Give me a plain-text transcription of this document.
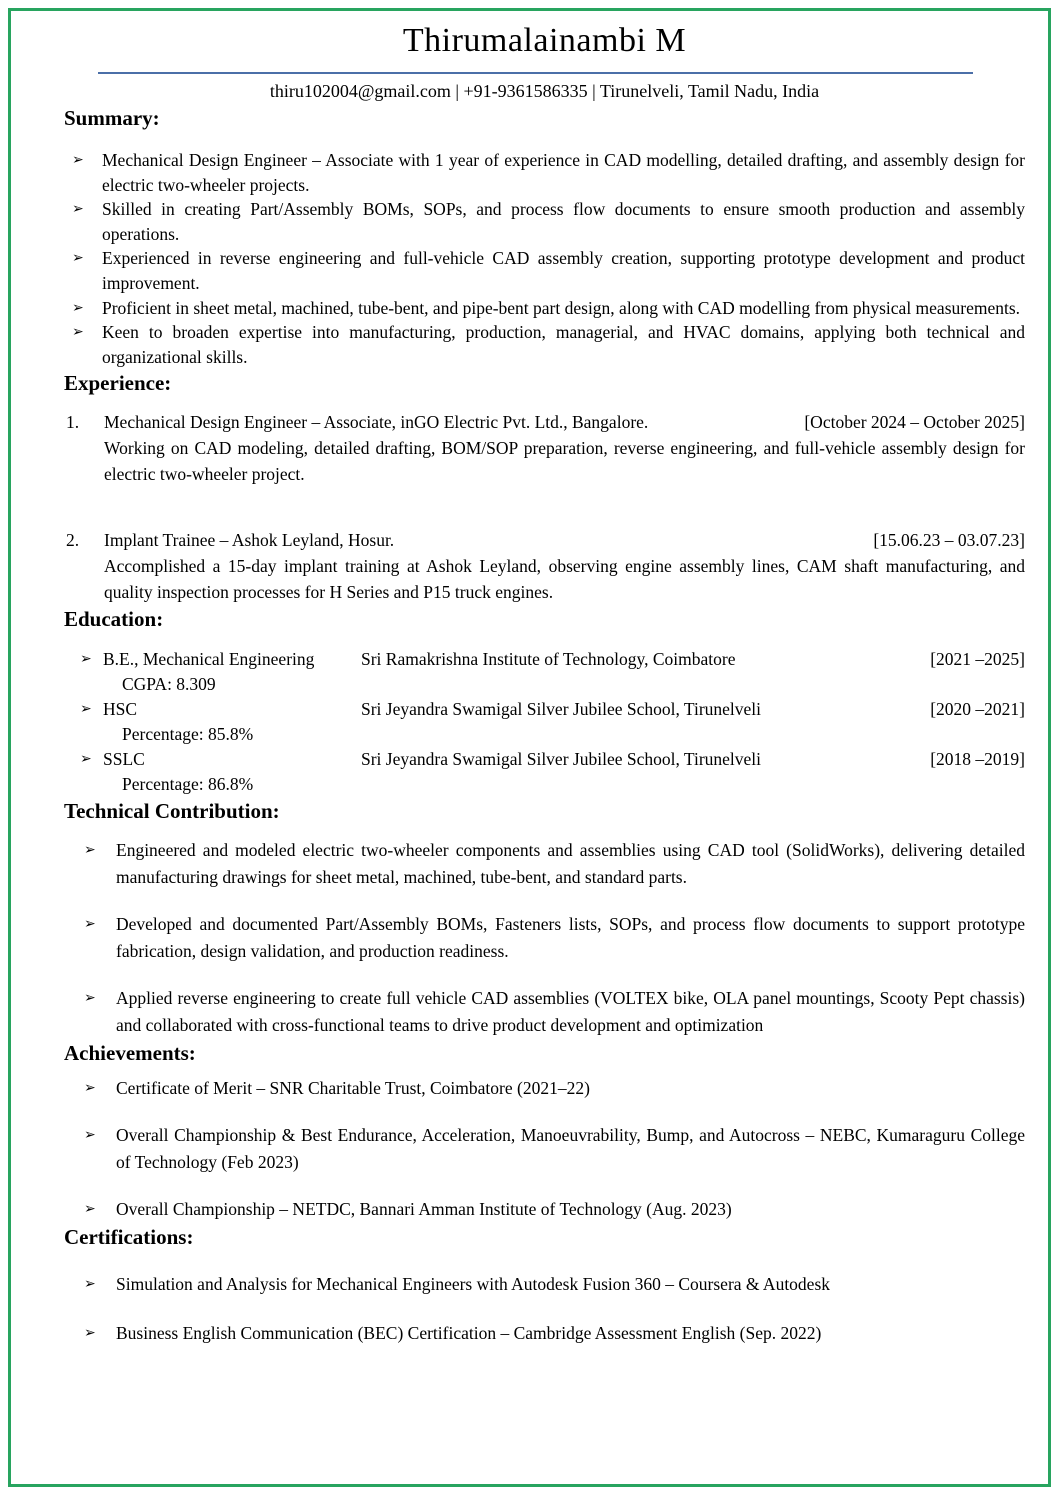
Thirumalainambi M
thiru102004@gmail.com | +91-9361586335 | Tirunelveli, Tamil Nadu, India
Summary:
➢ Mechanical Design Engineer – Associate with 1 year of experience in CAD modelling, detailed drafting, and assembly design for electric two-wheeler projects.
➢ Skilled in creating Part/Assembly BOMs, SOPs, and process flow documents to ensure smooth production and assembly operations.
➢ Experienced in reverse engineering and full-vehicle CAD assembly creation, supporting prototype development and product improvement.
➢ Proficient in sheet metal, machined, tube-bent, and pipe-bent part design, along with CAD modelling from physical measurements.
➢ Keen to broaden expertise into manufacturing, production, managerial, and HVAC domains, applying both technical and organizational skills.
Experience:
1. Mechanical Design Engineer – Associate, inGO Electric Pvt. Ltd., Bangalore.	[October 2024 – October 2025]
Working on CAD modeling, detailed drafting, BOM/SOP preparation, reverse engineering, and full-vehicle assembly design for electric two-wheeler project.
2. Implant Trainee – Ashok Leyland, Hosur.	[15.06.23 – 03.07.23]
Accomplished a 15-day implant training at Ashok Leyland, observing engine assembly lines, CAM shaft manufacturing, and quality inspection processes for H Series and P15 truck engines.
Education:
➢ B.E., Mechanical Engineering	Sri Ramakrishna Institute of Technology, Coimbatore	[2021 –2025]
CGPA: 8.309
➢ HSC	Sri Jeyandra Swamigal Silver Jubilee School, Tirunelveli	[2020 –2021]
Percentage: 85.8%
➢ SSLC	Sri Jeyandra Swamigal Silver Jubilee School, Tirunelveli	[2018 –2019]
Percentage: 86.8%
Technical Contribution:
➢ Engineered and modeled electric two-wheeler components and assemblies using CAD tool (SolidWorks), delivering detailed manufacturing drawings for sheet metal, machined, tube-bent, and standard parts.
➢ Developed and documented Part/Assembly BOMs, Fasteners lists, SOPs, and process flow documents to support prototype fabrication, design validation, and production readiness.
➢ Applied reverse engineering to create full vehicle CAD assemblies (VOLTEX bike, OLA panel mountings, Scooty Pept chassis) and collaborated with cross-functional teams to drive product development and optimization
Achievements:
➢ Certificate of Merit – SNR Charitable Trust, Coimbatore (2021–22)
➢ Overall Championship & Best Endurance, Acceleration, Manoeuvrability, Bump, and Autocross – NEBC, Kumaraguru College of Technology (Feb 2023)
➢ Overall Championship – NETDC, Bannari Amman Institute of Technology (Aug. 2023)
Certifications:
➢ Simulation and Analysis for Mechanical Engineers with Autodesk Fusion 360 – Coursera & Autodesk
➢ Business English Communication (BEC) Certification – Cambridge Assessment English (Sep. 2022)
